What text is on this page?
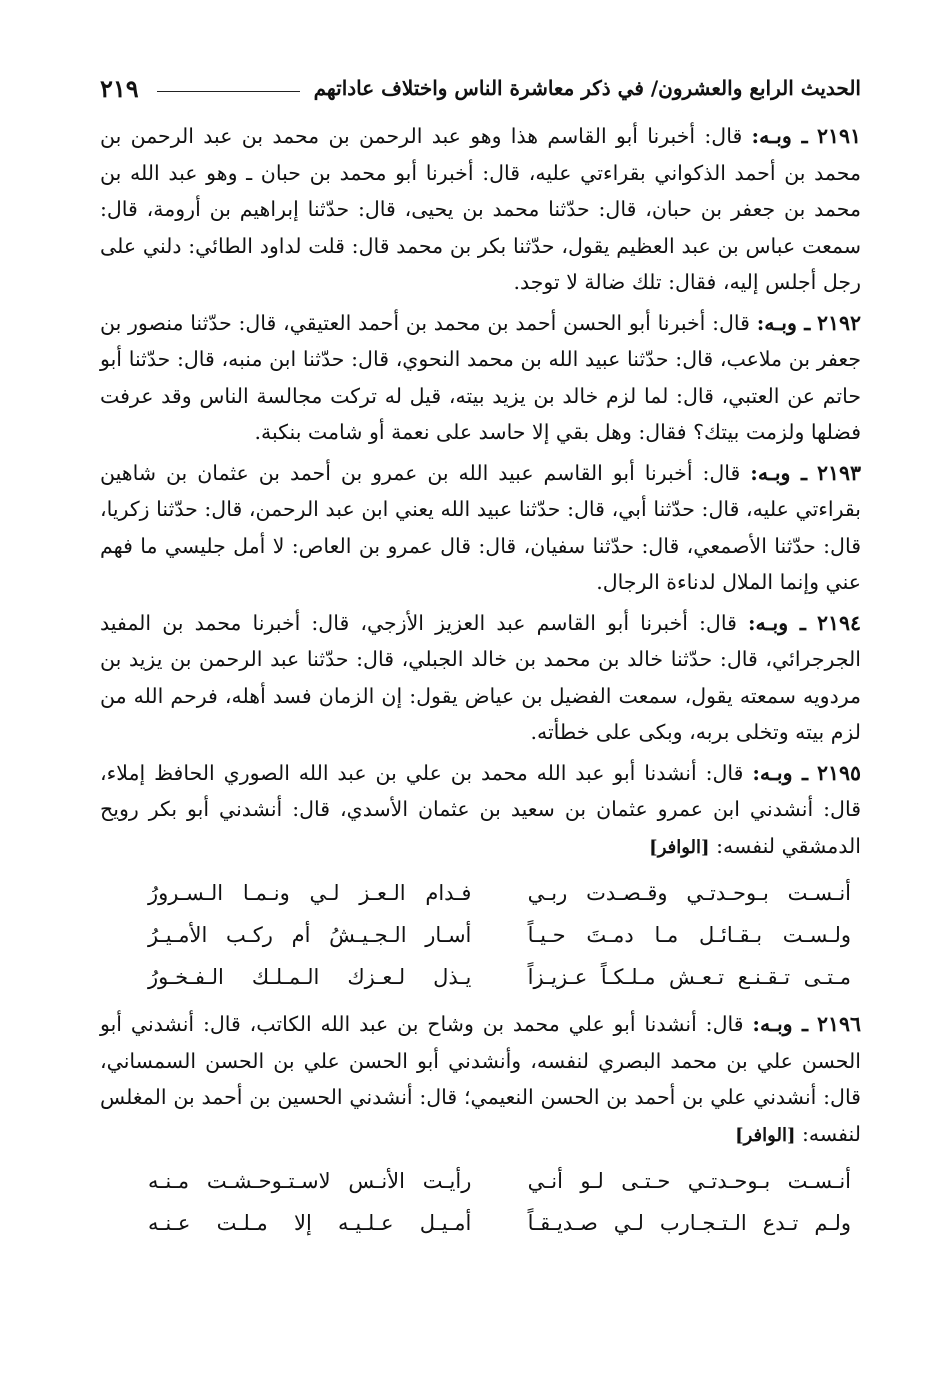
الحديث الرابع والعشرون/ في ذكر معاشرة الناس واختلاف عاداتهم
٢١٩

٢١٩١ ـ وبـه: قال: أخبرنا أبو القاسم هذا وهو عبد الرحمن بن محمد بن عبد الرحمن بن محمد بن أحمد الذكواني بقراءتي عليه، قال: أخبرنا أبو محمد بن حبان ـ وهو عبد الله بن محمد بن جعفر بن حبان، قال: حدّثنا محمد بن يحيى، قال: حدّثنا إبراهيم بن أرومة، قال: سمعت عباس بن عبد العظيم يقول، حدّثنا بكر بن محمد قال: قلت لداود الطائي: دلني على رجل أجلس إليه، فقال: تلك ضالة لا توجد.

٢١٩٢ ـ وبـه: قال: أخبرنا أبو الحسن أحمد بن محمد بن أحمد العتيقي، قال: حدّثنا منصور بن جعفر بن ملاعب، قال: حدّثنا عبيد الله بن محمد النحوي، قال: حدّثنا ابن منبه، قال: حدّثنا أبو حاتم عن العتبي، قال: لما لزم خالد بن يزيد بيته، قيل له تركت مجالسة الناس وقد عرفت فضلها ولزمت بيتك؟ فقال: وهل بقي إلا حاسد على نعمة أو شامت بنكبة.

٢١٩٣ ـ وبـه: قال: أخبرنا أبو القاسم عبيد الله بن عمرو بن أحمد بن عثمان بن شاهين بقراءتي عليه، قال: حدّثنا أبي، قال: حدّثنا عبيد الله يعني ابن عبد الرحمن، قال: حدّثنا زكريا، قال: حدّثنا الأصمعي، قال: حدّثنا سفيان، قال: قال عمرو بن العاص: لا أمل جليسي ما فهم عني وإنما الملال لدناءة الرجال.

٢١٩٤ ـ وبـه: قال: أخبرنا أبو القاسم عبد العزيز الأزجي، قال: أخبرنا محمد بن المفيد الجرجرائي، قال: حدّثنا خالد بن محمد بن خالد الجبلي، قال: حدّثنا عبد الرحمن بن يزيد بن مردويه سمعته يقول، سمعت الفضيل بن عياض يقول: إن الزمان فسد أهله، فرحم الله من لزم بيته وتخلى بربه، وبكى على خطأته.

٢١٩٥ ـ وبـه: قال: أنشدنا أبو عبد الله محمد بن علي بن عبد الله الصوري الحافظ إملاء، قال: أنشدني ابن عمرو عثمان بن سعيد بن عثمان الأسدي، قال: أنشدني أبو بكر رويح الدمشقي لنفسه: [الوافر]

أنـسـت بـوحـدتـي وقـصـدت ربـي
فـدام الـعـز لـي ونـمـا الـسـرورُ
ولـسـت بـقـائـل مـا دمـتَ حـيـاً
أسـار الـجـيـشُ أم ركـب الأمـيـرُ
مـتـى تـقـنـع تـعـش مـلـكـاً عـزيـزاً
يـذل لـعـزك الـمـلـك الـفـخـورُ

٢١٩٦ ـ وبـه: قال: أنشدنا أبو علي محمد بن وشاح بن عبد الله الكاتب، قال: أنشدني أبو الحسن علي بن محمد البصري لنفسه، وأنشدني أبو الحسن علي بن الحسن السمساني، قال: أنشدني علي بن أحمد بن الحسن النعيمي؛ قال: أنشدني الحسين بن أحمد بن المغلس لنفسه: [الوافر]

أنـسـت بـوحـدتـي حـتـى لـو أنـي
رأيـت الأنـس لاسـتـوحـشـت مـنـه
ولـم تـدع الـتـجـارب لـي صـديـقـاً
أمـيـل عـلـيـه إلا مـلـت عـنـه
